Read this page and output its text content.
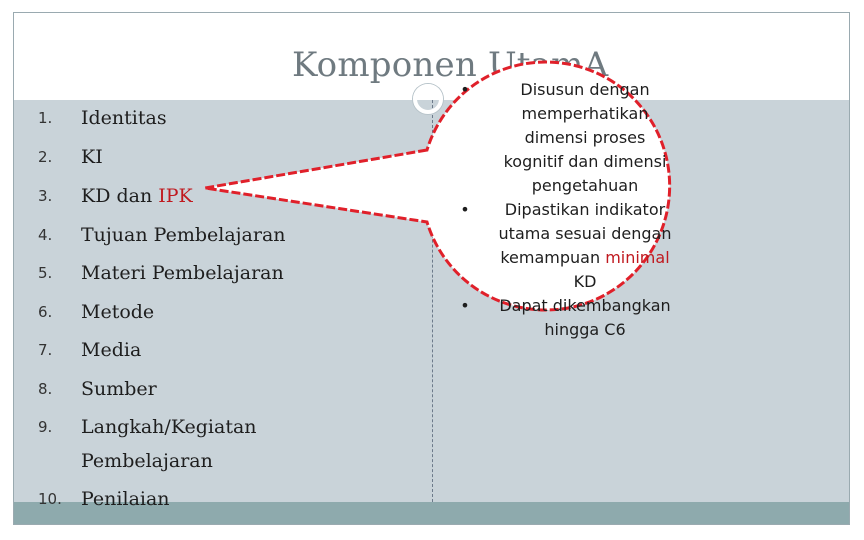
Komponen UtamA
1.	Identitas
2.	KI
3.	KD dan IPK
4.	Tujuan Pembelajaran
5.	Materi Pembelajaran
6.	Metode
7.	Media
8.	Sumber
9.	Langkah/Kegiatan
Pembelajaran
10.	Penilaian
•	Disusun dengan
memperhatikan
dimensi proses
kognitif dan dimensi
pengetahuan
•	Dipastikan indikator
utama sesuai dengan
kemampuan minimal
KD
•	Dapat dikembangkan
hingga C6
